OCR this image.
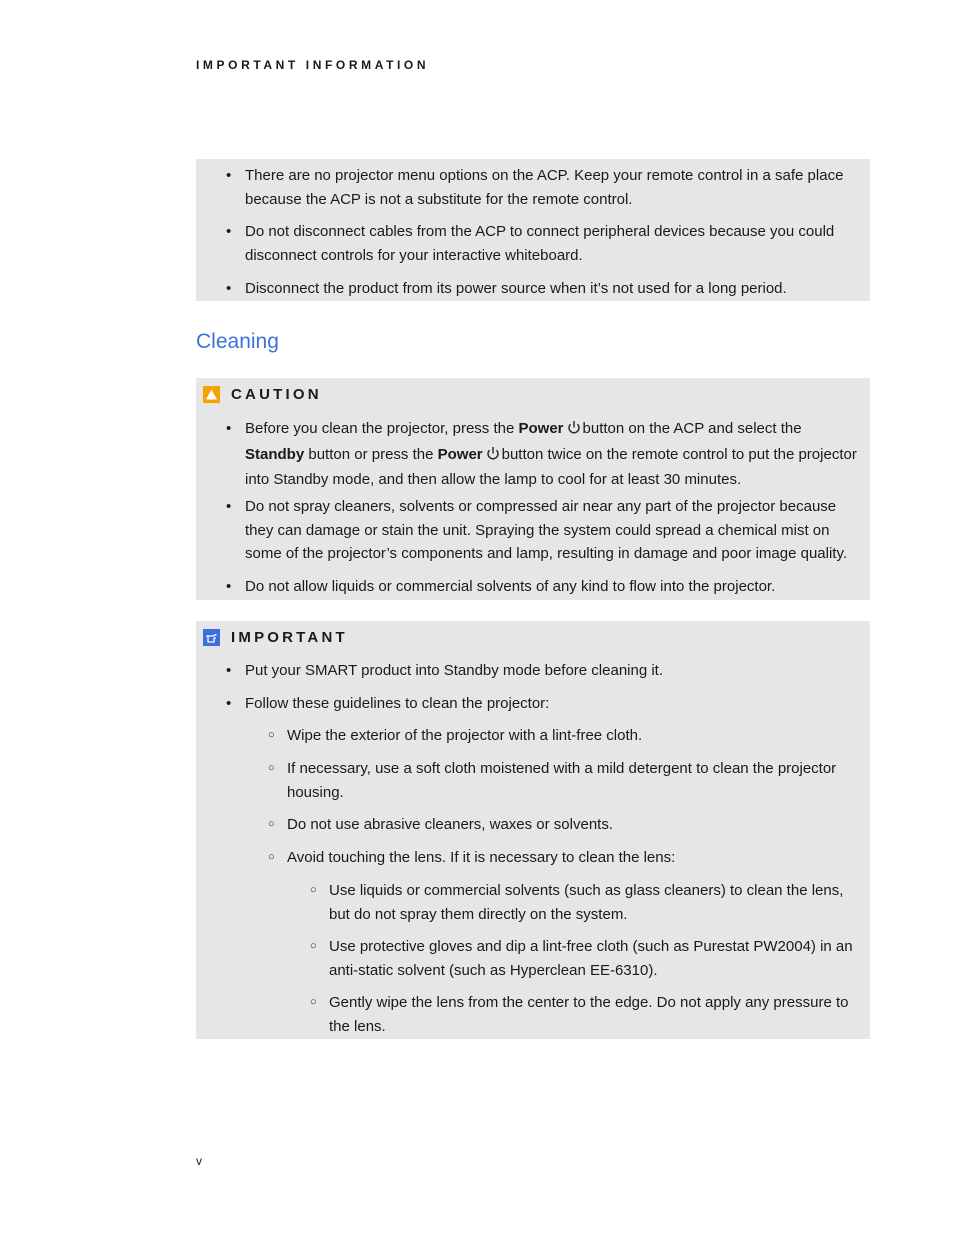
IMPORTANT INFORMATION
• There are no projector menu options on the ACP. Keep your remote control in a safe place
because the ACP is not a substitute for the remote control.
• Do not disconnect cables from the ACP to connect peripheral devices because you could
disconnect controls for your interactive whiteboard.
• Disconnect the product from its power source when it’s not used for a long period.
Cleaning
CAUTION
• Before you clean the projector, press the Power button on the ACP and select the
Standby button or press the Power button twice on the remote control to put the projector
into Standby mode, and then allow the lamp to cool for at least 30 minutes.
• Do not spray cleaners, solvents or compressed air near any part of the projector because
they can damage or stain the unit. Spraying the system could spread a chemical mist on
some of the projector’s components and lamp, resulting in damage and poor image quality.
• Do not allow liquids or commercial solvents of any kind to flow into the projector.
IMPORTANT
• Put your SMART product into Standby mode before cleaning it.
• Follow these guidelines to clean the projector:
○ Wipe the exterior of the projector with a lint-free cloth.
○ If necessary, use a soft cloth moistened with a mild detergent to clean the projector
housing.
○ Do not use abrasive cleaners, waxes or solvents.
○ Avoid touching the lens. If it is necessary to clean the lens:
○ Use liquids or commercial solvents (such as glass cleaners) to clean the lens,
but do not spray them directly on the system.
○ Use protective gloves and dip a lint-free cloth (such as Purestat PW2004) in an
anti-static solvent (such as Hyperclean EE-6310).
○ Gently wipe the lens from the center to the edge. Do not apply any pressure to
the lens.
v
